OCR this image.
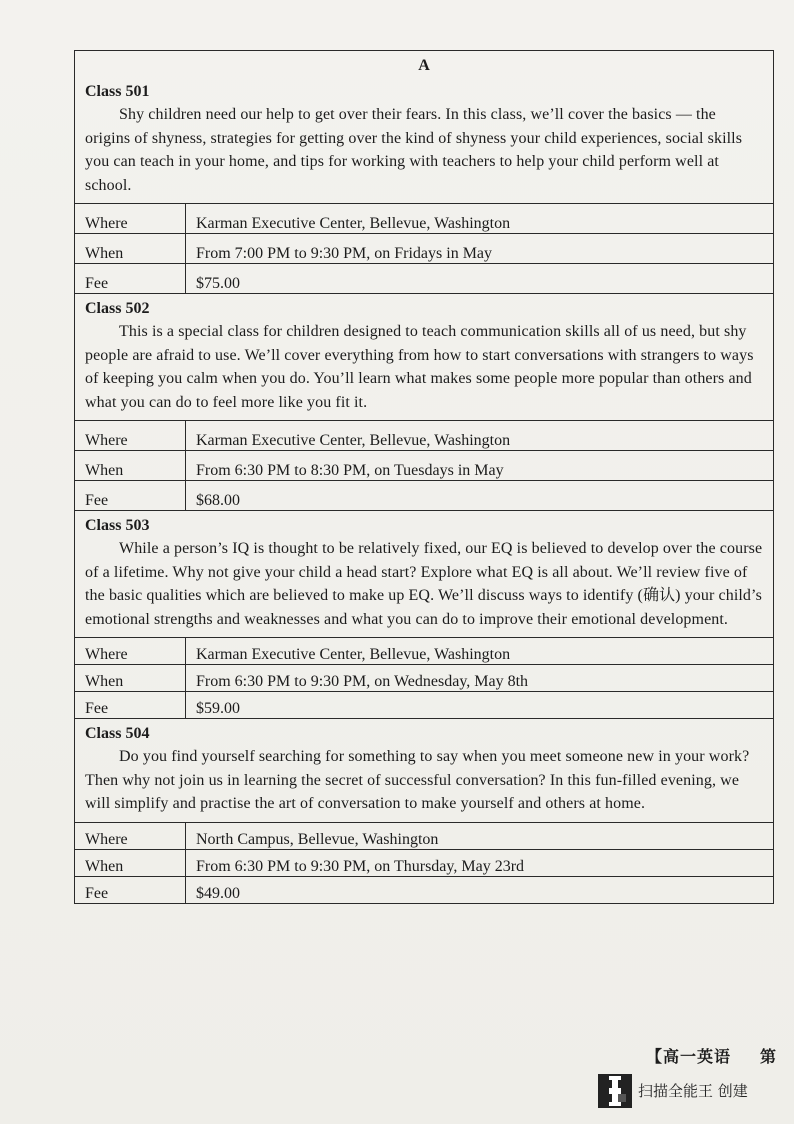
A

Class 501

Shy children need our help to get over their fears. In this class, we’ll cover the basics — the origins of shyness, strategies for getting over the kind of shyness your child experiences, social skills you can teach in your home, and tips for working with teachers to help your child perform well at school.

Where	Karman Executive Center, Bellevue, Washington
When	From 7:00 PM to 9:30 PM, on Fridays in May
Fee	$75.00

Class 502

This is a special class for children designed to teach communication skills all of us need, but shy people are afraid to use. We’ll cover everything from how to start conversations with strangers to ways of keeping you calm when you do. You’ll learn what makes some people more popular than others and what you can do to feel more like you fit it.

Where	Karman Executive Center, Bellevue, Washington
When	From 6:30 PM to 8:30 PM, on Tuesdays in May
Fee	$68.00

Class 503

While a person’s IQ is thought to be relatively fixed, our EQ is believed to develop over the course of a lifetime. Why not give your child a head start? Explore what EQ is all about. We’ll review five of the basic qualities which are believed to make up EQ. We’ll discuss ways to identify (确认) your child’s emotional strengths and weaknesses and what you can do to improve their emotional development.

Where	Karman Executive Center, Bellevue, Washington
When	From 6:30 PM to 9:30 PM, on Wednesday, May 8th
Fee	$59.00

Class 504

Do you find yourself searching for something to say when you meet someone new in your work? Then why not join us in learning the secret of successful conversation? In this fun-filled evening, we will simplify and practise the art of conversation to make yourself and others at home.

Where	North Campus, Bellevue, Washington
When	From 6:30 PM to 9:30 PM, on Thursday, May 23rd
Fee	$49.00
【高一英语 第
扫描全能王 创建
